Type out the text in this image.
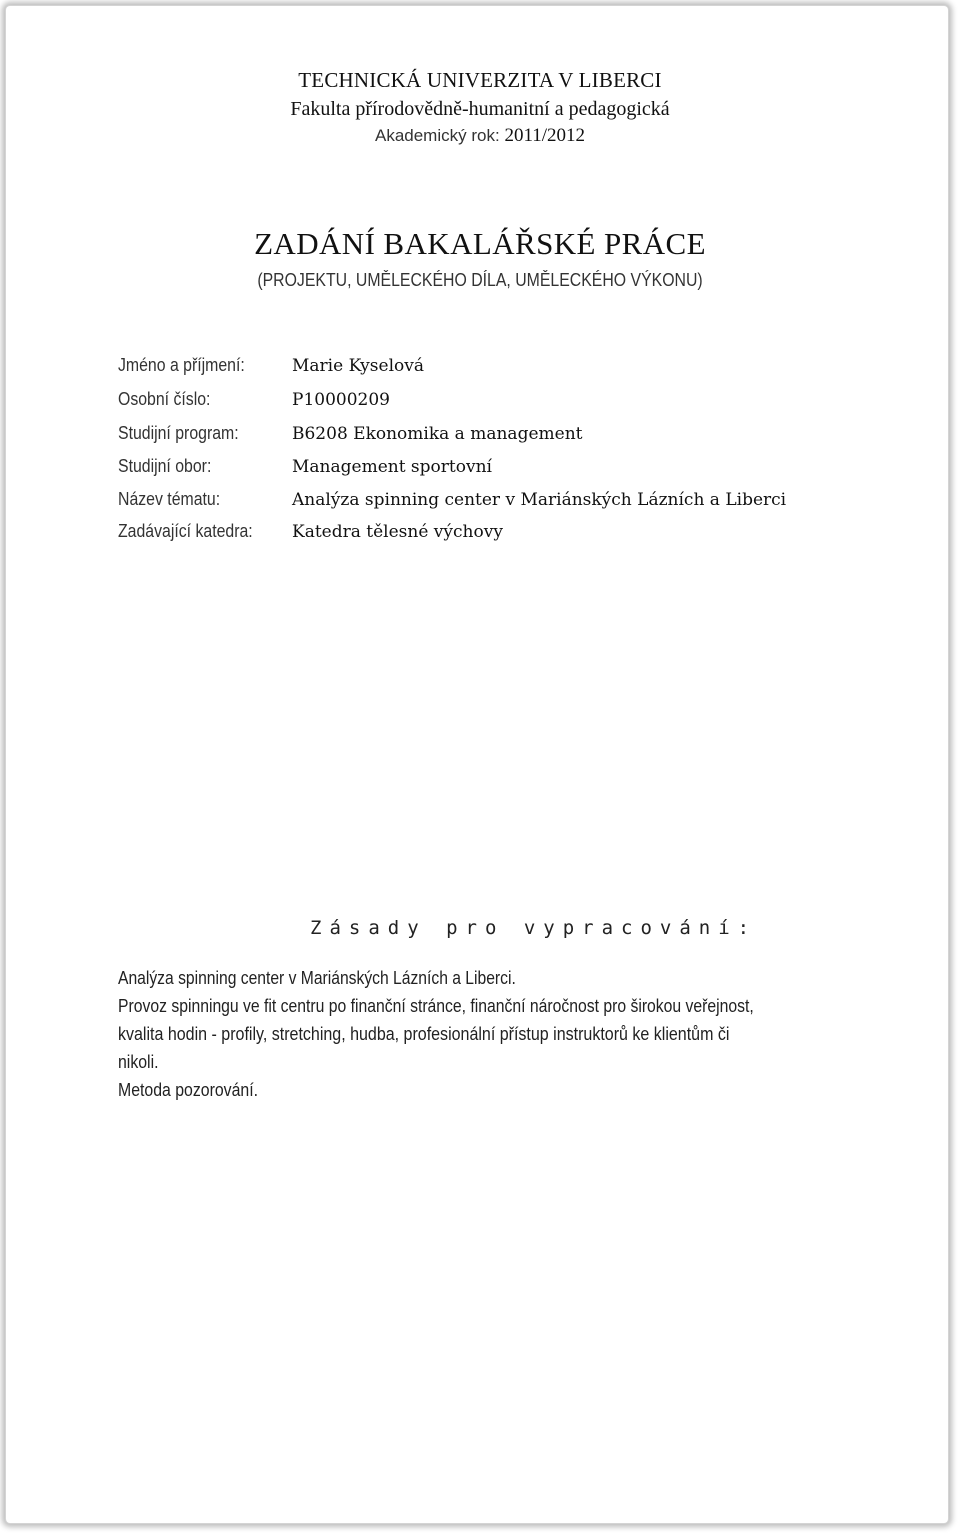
TECHNICKÁ UNIVERZITA V LIBERCI
Fakulta přírodovědně-humanitní a pedagogická
Akademický rok: 2011/2012
ZADÁNÍ BAKALÁŘSKÉ PRÁCE
(PROJEKTU, UMĚLECKÉHO DÍLA, UMĚLECKÉHO VÝKONU)
Jméno a příjmení:	Marie Kyselová
Osobní číslo:	P10000209
Studijní program:	B6208 Ekonomika a management
Studijní obor:	Management sportovní
Název tématu:	Analýza spinning center v Mariánských Lázních a Liberci
Zadávající katedra: Katedra tělesné výchovy
Zásady pro vypracování:
Analýza spinning center v Mariánských Lázních a Liberci.
Provoz spinningu ve fit centru po finanční stránce, finanční náročnost pro širokou veřejnost,
kvalita hodin - profily, stretching, hudba, profesionální přístup instruktorů ke klientům či
nikoli.
Metoda pozorování.
